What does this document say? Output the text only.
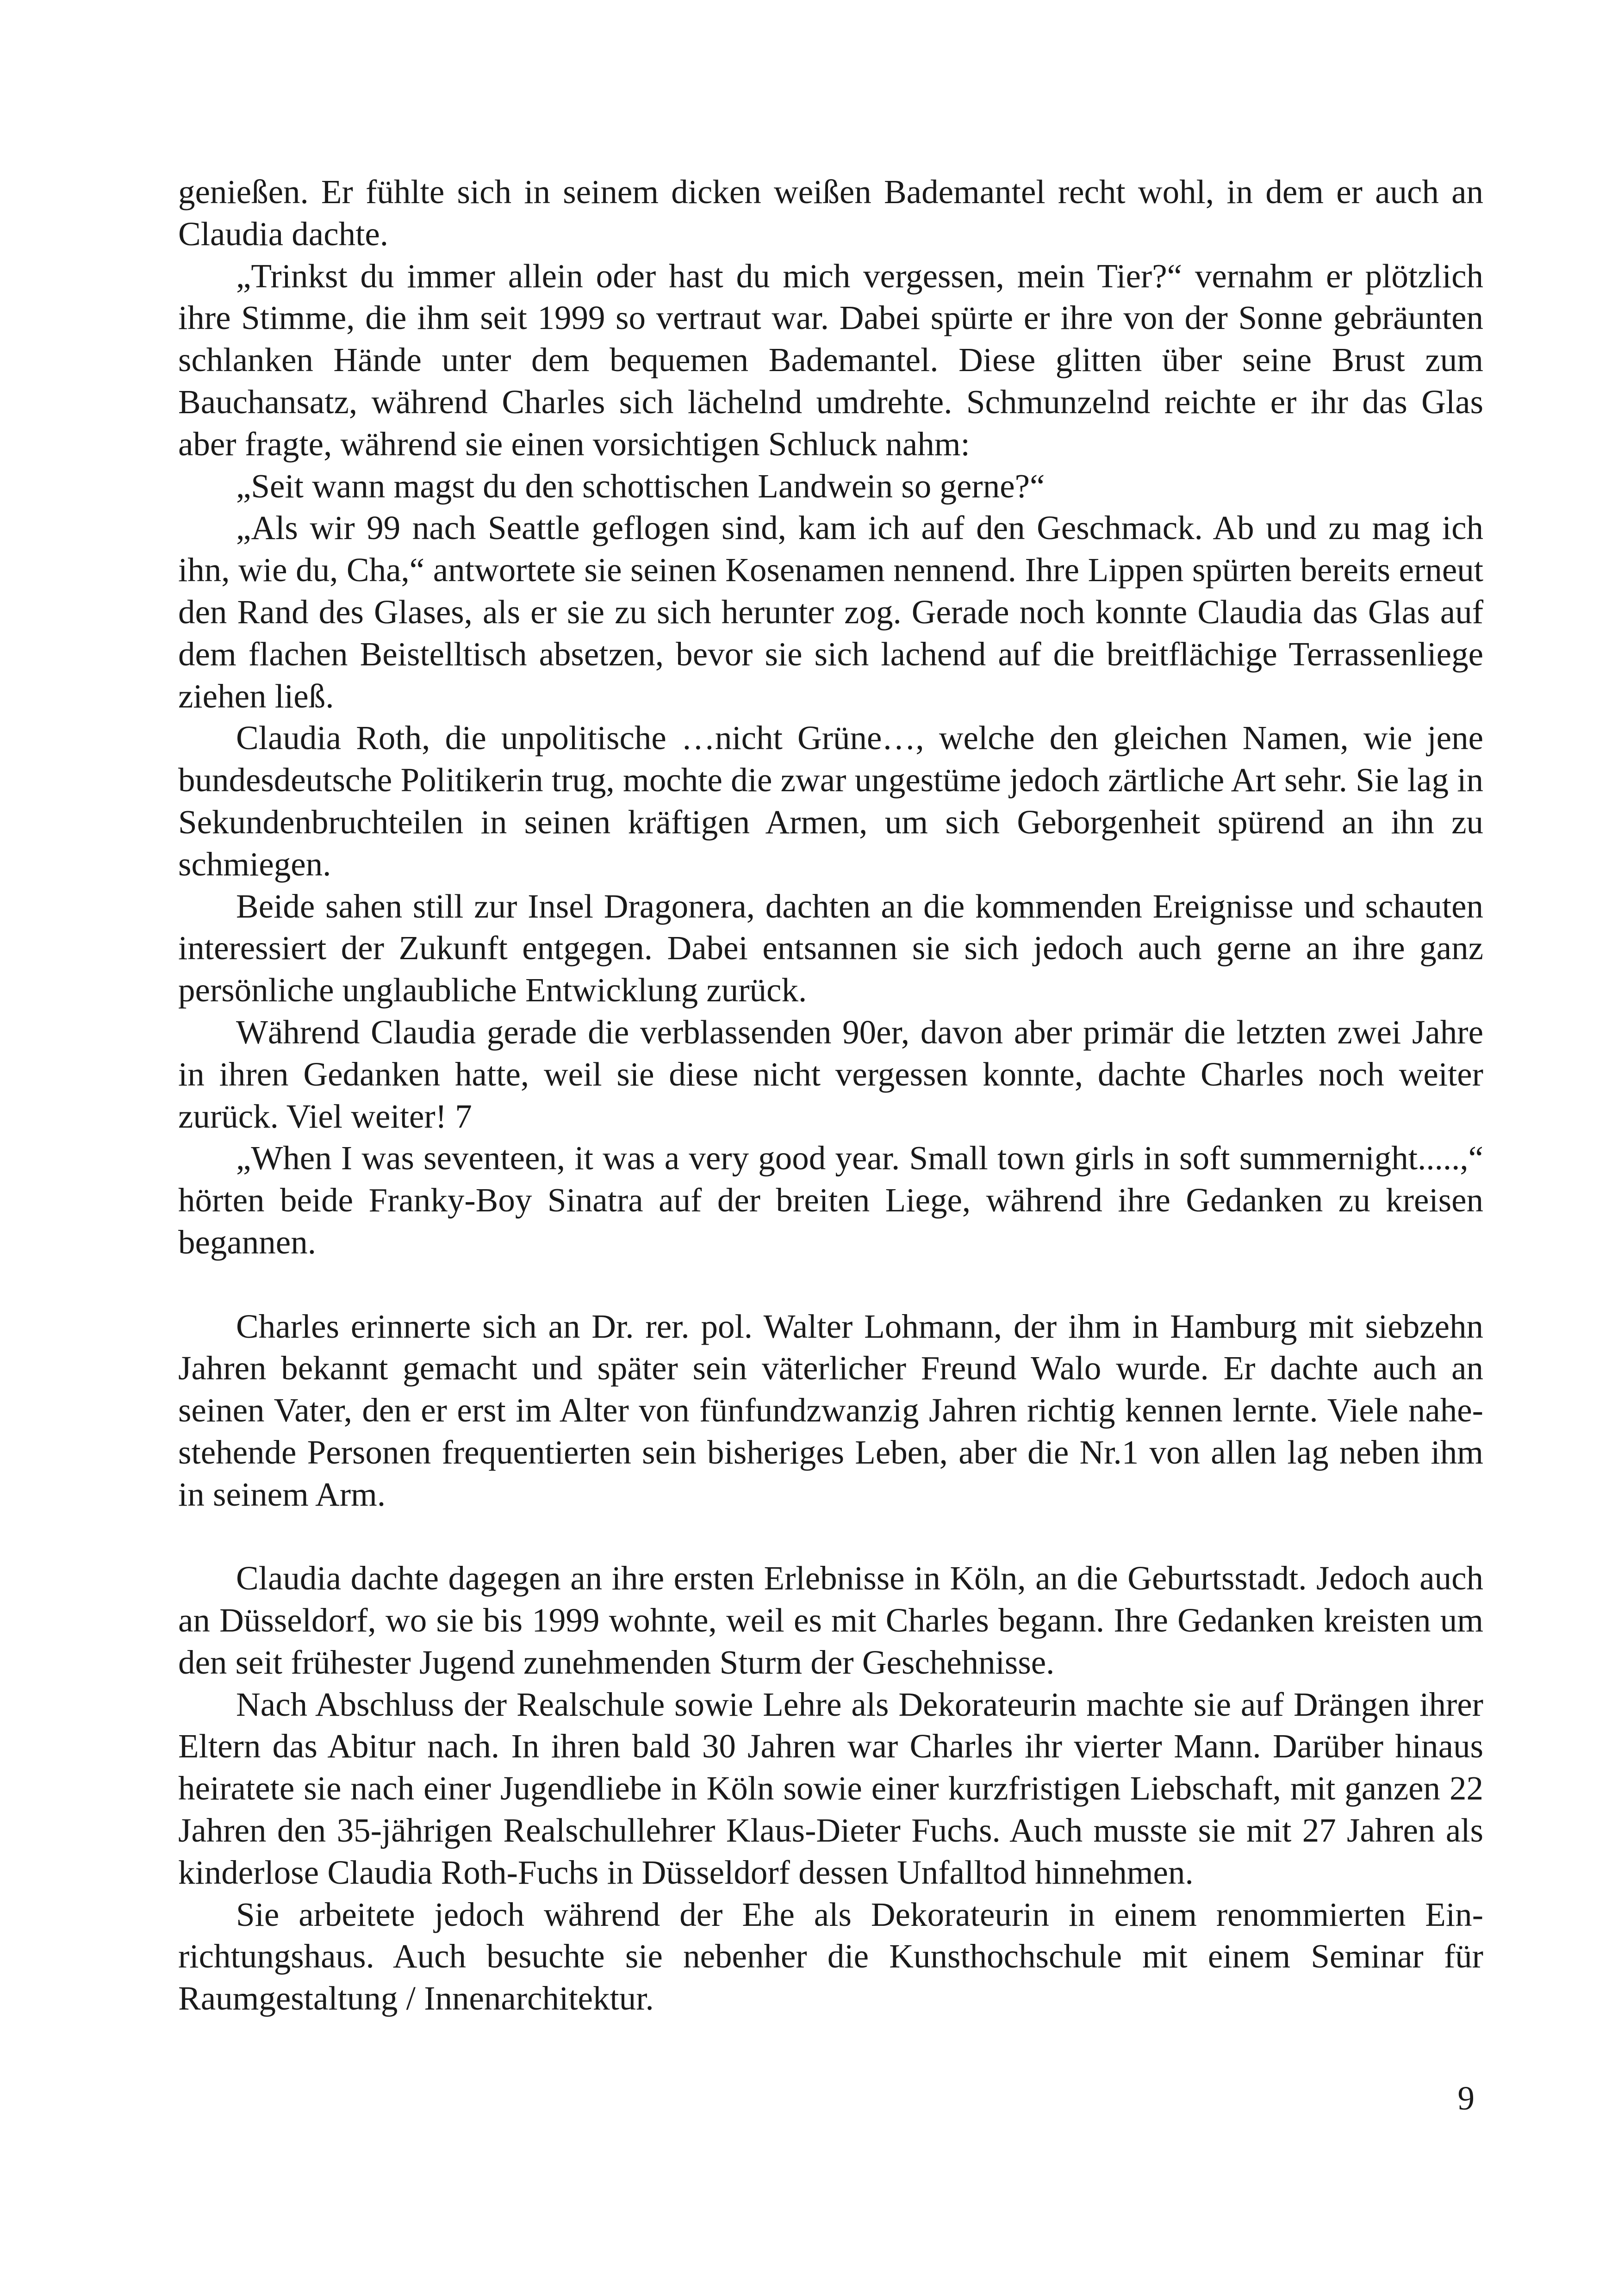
genießen. Er fühlte sich in seinem dicken weißen Bademantel recht wohl, in dem er auch an Claudia dachte.

„Trinkst du immer allein oder hast du mich vergessen, mein Tier?“ vernahm er plötzlich ihre Stimme, die ihm seit 1999 so vertraut war. Dabei spürte er ihre von der Sonne gebräunten schlanken Hände unter dem bequemen Bademantel. Diese glitten über seine Brust zum Bauchansatz, während Charles sich lächelnd umdrehte. Schmunzelnd reichte er ihr das Glas aber fragte, während sie einen vorsichtigen Schluck nahm:

„Seit wann magst du den schottischen Landwein so gerne?“

„Als wir 99 nach Seattle geflogen sind, kam ich auf den Geschmack. Ab und zu mag ich ihn, wie du, Cha,“ antwortete sie seinen Kosenamen nennend. Ihre Lippen spürten bereits erneut den Rand des Glases, als er sie zu sich herunter zog. Gerade noch konnte Claudia das Glas auf dem flachen Beistelltisch absetzen, bevor sie sich lachend auf die breitflächige Terrassenliege ziehen ließ.

Claudia Roth, die unpolitische …nicht Grüne…, welche den gleichen Namen, wie jene bundesdeutsche Politikerin trug, mochte die zwar ungestüme jedoch zärtliche Art sehr. Sie lag in Sekundenbruchteilen in seinen kräftigen Armen, um sich Geborgenheit spürend an ihn zu schmiegen.

Beide sahen still zur Insel Dragonera, dachten an die kommenden Ereignisse und schauten interessiert der Zukunft entgegen. Dabei entsannen sie sich jedoch auch gerne an ihre ganz persönliche unglaubliche Entwicklung zurück.

Während Claudia gerade die verblassenden 90er, davon aber primär die letzten zwei Jahre in ihren Gedanken hatte, weil sie diese nicht vergessen konnte, dachte Charles noch weiter zurück. Viel weiter! 7

„When I was seventeen, it was a very good year. Small town girls in soft summernight.....,“ hörten beide Franky-Boy Sinatra auf der breiten Liege, während ihre Gedanken zu kreisen begannen.

Charles erinnerte sich an Dr. rer. pol. Walter Lohmann, der ihm in Hamburg mit siebzehn Jahren bekannt gemacht und später sein väterlicher Freund Walo wurde. Er dachte auch an seinen Vater, den er erst im Alter von fünfundzwanzig Jahren richtig kennen lernte. Viele nahe-stehende Personen frequentierten sein bisheriges Leben, aber die Nr.1 von allen lag neben ihm in seinem Arm.

Claudia dachte dagegen an ihre ersten Erlebnisse in Köln, an die Geburtsstadt. Jedoch auch an Düsseldorf, wo sie bis 1999 wohnte, weil es mit Charles begann. Ihre Gedanken kreisten um den seit frühester Jugend zunehmenden Sturm der Geschehnisse.

Nach Abschluss der Realschule sowie Lehre als Dekorateurin machte sie auf Drängen ihrer Eltern das Abitur nach. In ihren bald 30 Jahren war Charles ihr vierter Mann. Darüber hinaus heiratete sie nach einer Jugendliebe in Köln sowie einer kurzfristigen Liebschaft, mit ganzen 22 Jahren den 35-jährigen Realschullehrer Klaus-Dieter Fuchs. Auch musste sie mit 27 Jahren als kinderlose Claudia Roth-Fuchs in Düsseldorf dessen Unfalltod hinnehmen.

Sie arbeitete jedoch während der Ehe als Dekorateurin in einem renommierten Einrichtungshaus. Auch besuchte sie nebenher die Kunsthochschule mit einem Seminar für Raumgestaltung / Innenarchitektur.

9
